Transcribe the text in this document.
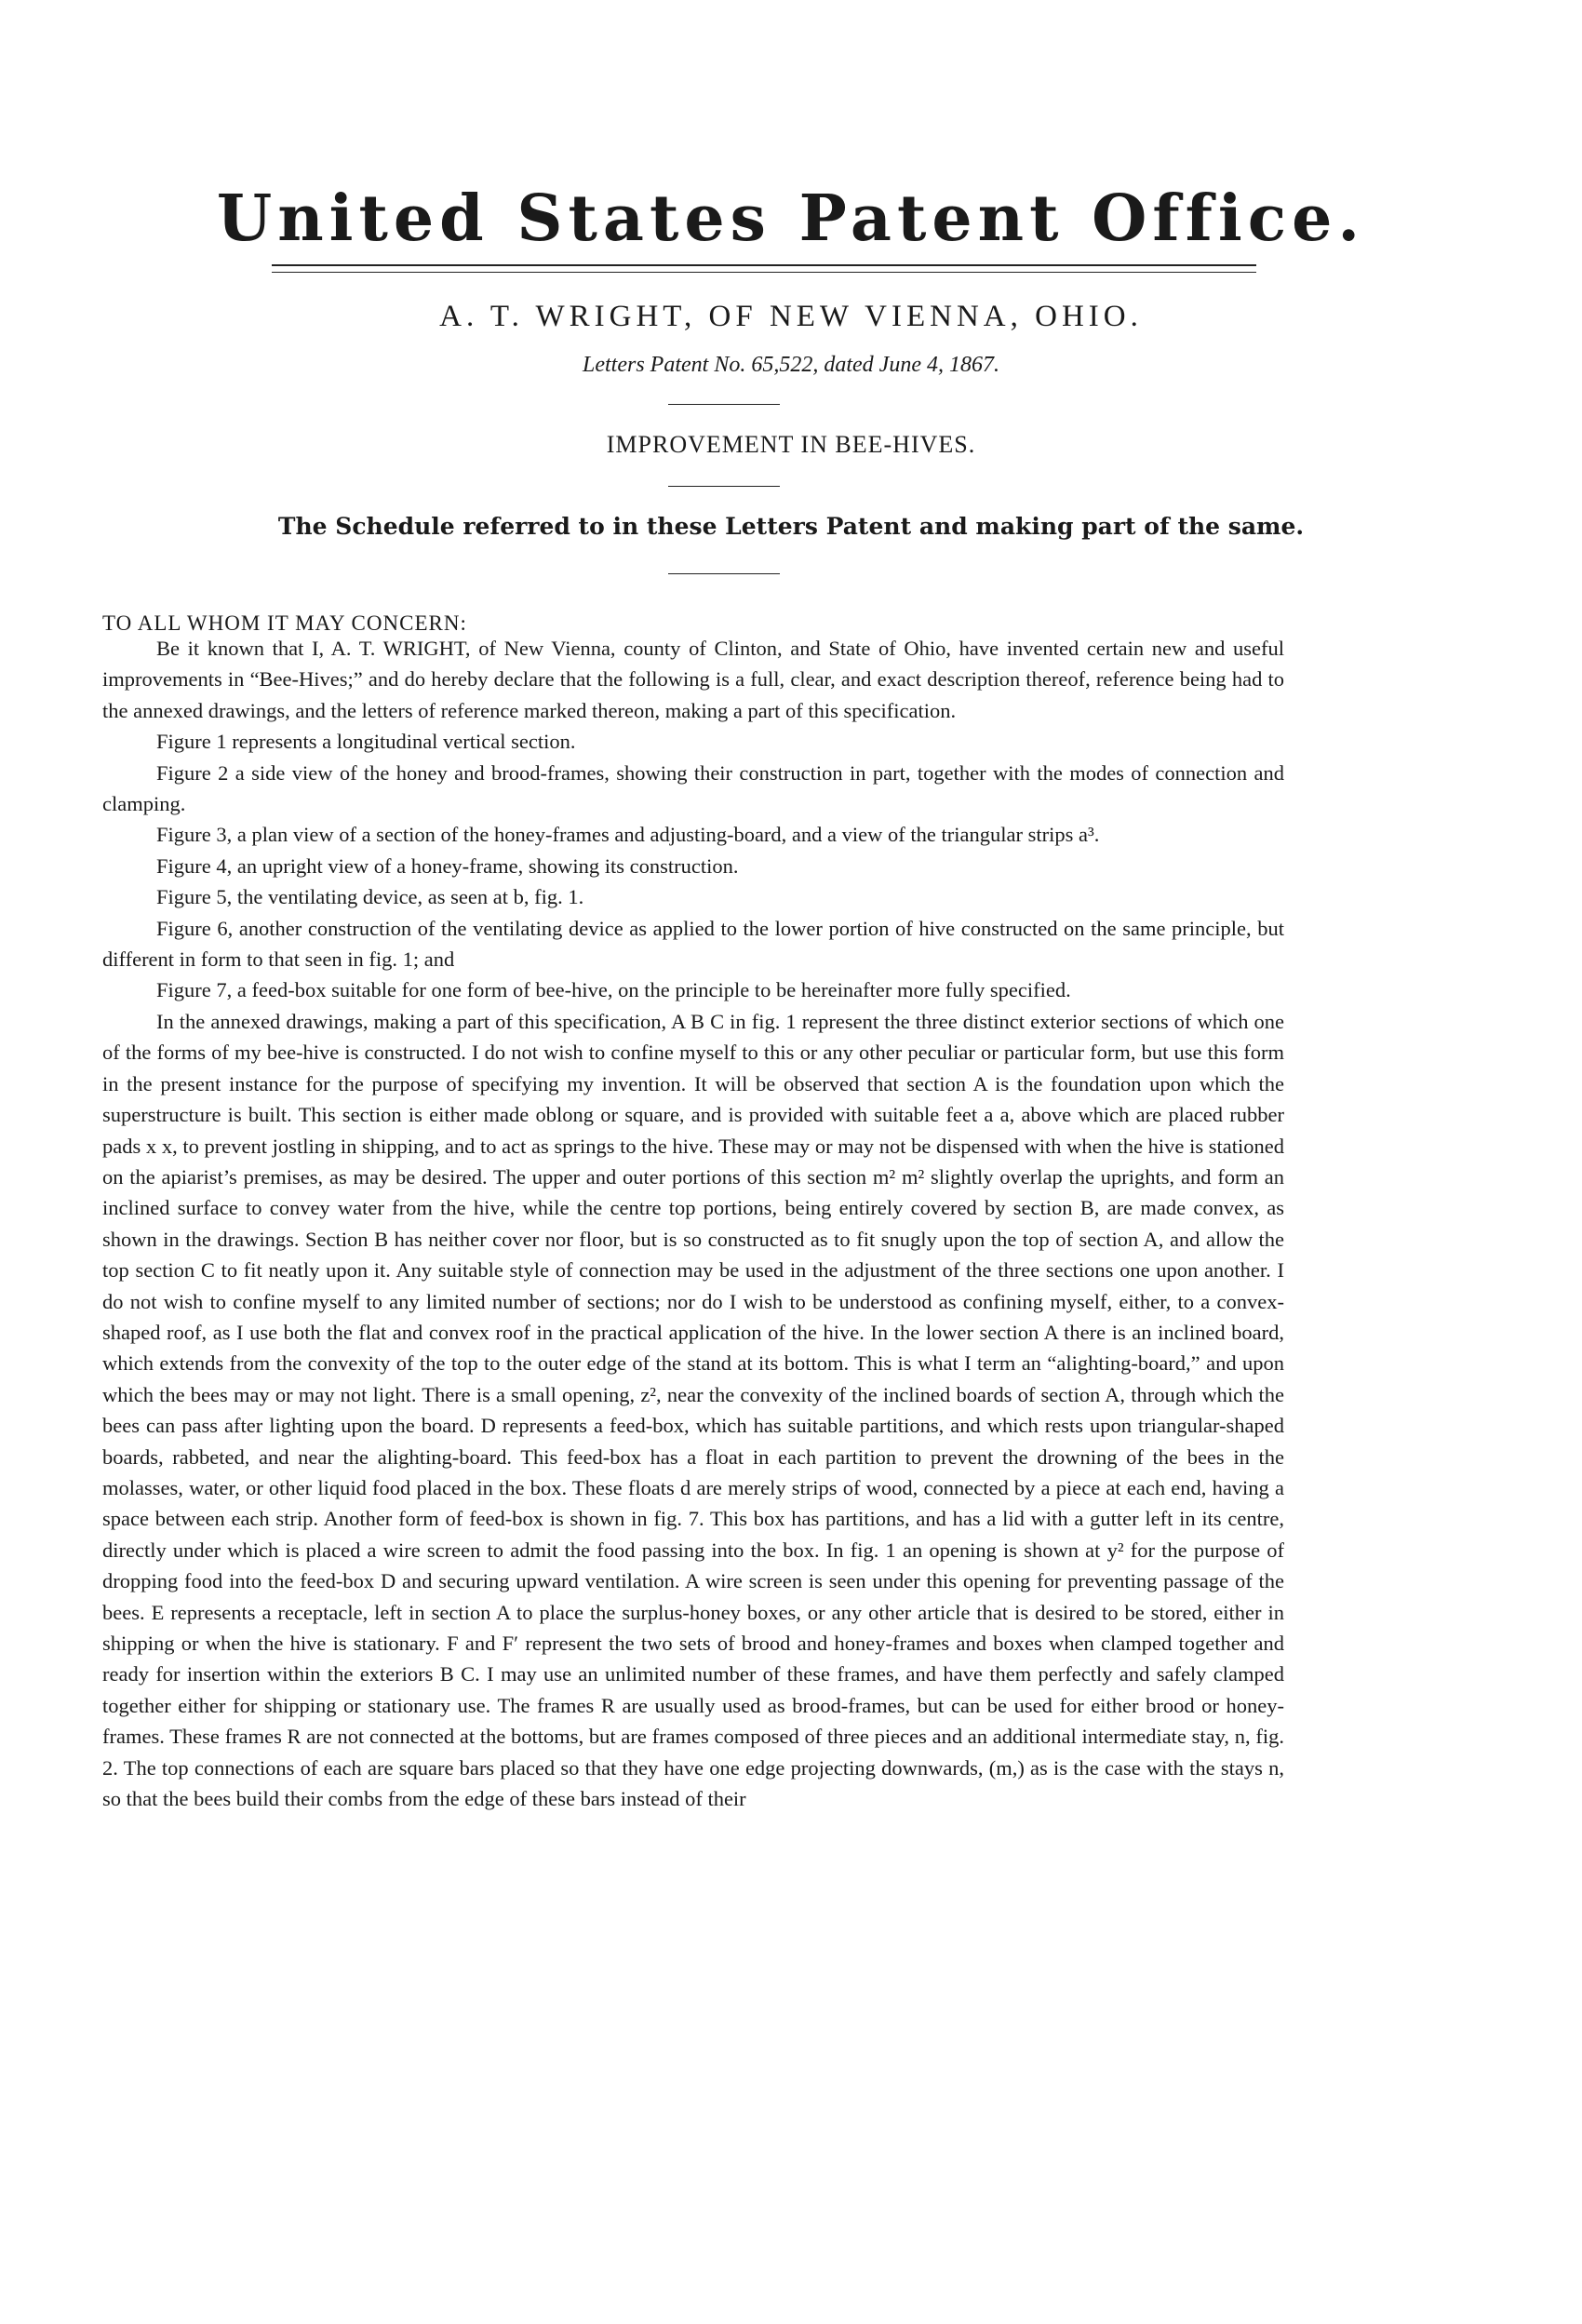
United States Patent Office.
A. T. WRIGHT, OF NEW VIENNA, OHIO.
Letters Patent No. 65,522, dated June 4, 1867.
IMPROVEMENT IN BEE-HIVES.
The Schedule referred to in these Letters Patent and making part of the same.
TO ALL WHOM IT MAY CONCERN:

Be it known that I, A. T. WRIGHT, of New Vienna, county of Clinton, and State of Ohio, have invented certain new and useful improvements in “Bee-Hives;” and do hereby declare that the following is a full, clear, and exact description thereof, reference being had to the annexed drawings, and the letters of reference marked thereon, making a part of this specification.

Figure 1 represents a longitudinal vertical section.

Figure 2 a side view of the honey and brood-frames, showing their construction in part, together with the modes of connection and clamping.

Figure 3, a plan view of a section of the honey-frames and adjusting-board, and a view of the triangular strips a³.

Figure 4, an upright view of a honey-frame, showing its construction.

Figure 5, the ventilating device, as seen at b, fig. 1.

Figure 6, another construction of the ventilating device as applied to the lower portion of hive constructed on the same principle, but different in form to that seen in fig. 1; and

Figure 7, a feed-box suitable for one form of bee-hive, on the principle to be hereinafter more fully specified.

In the annexed drawings, making a part of this specification, A B C in fig. 1 represent the three distinct exterior sections of which one of the forms of my bee-hive is constructed. I do not wish to confine myself to this or any other peculiar or particular form, but use this form in the present instance for the purpose of specifying my invention. It will be observed that section A is the foundation upon which the superstructure is built. This section is either made oblong or square, and is provided with suitable feet a a, above which are placed rubber pads x x, to prevent jostling in shipping, and to act as springs to the hive. These may or may not be dispensed with when the hive is stationed on the apiarist’s premises, as may be desired. The upper and outer portions of this section m² m² slightly overlap the uprights, and form an inclined surface to convey water from the hive, while the centre top portions, being entirely covered by section B, are made convex, as shown in the drawings. Section B has neither cover nor floor, but is so constructed as to fit snugly upon the top of section A, and allow the top section C to fit neatly upon it. Any suitable style of connection may be used in the adjustment of the three sections one upon another. I do not wish to confine myself to any limited number of sections; nor do I wish to be understood as confining myself, either, to a convex-shaped roof, as I use both the flat and convex roof in the practical application of the hive. In the lower section A there is an inclined board, which extends from the convexity of the top to the outer edge of the stand at its bottom. This is what I term an “alighting-board,” and upon which the bees may or may not light. There is a small opening, z², near the convexity of the inclined boards of section A, through which the bees can pass after lighting upon the board. D represents a feed-box, which has suitable partitions, and which rests upon triangular-shaped boards, rabbeted, and near the alighting-board. This feed-box has a float in each partition to prevent the drowning of the bees in the molasses, water, or other liquid food placed in the box. These floats d are merely strips of wood, connected by a piece at each end, having a space between each strip. Another form of feed-box is shown in fig. 7. This box has partitions, and has a lid with a gutter left in its centre, directly under which is placed a wire screen to admit the food passing into the box. In fig. 1 an opening is shown at y² for the purpose of dropping food into the feed-box D and securing upward ventilation. A wire screen is seen under this opening for preventing passage of the bees. E represents a receptacle, left in section A to place the surplus-honey boxes, or any other article that is desired to be stored, either in shipping or when the hive is stationary. F and F′ represent the two sets of brood and honey-frames and boxes when clamped together and ready for insertion within the exteriors B C. I may use an unlimited number of these frames, and have them perfectly and safely clamped together either for shipping or stationary use. The frames R are usually used as brood-frames, but can be used for either brood or honey-frames. These frames R are not connected at the bottoms, but are frames composed of three pieces and an additional intermediate stay, n, fig. 2. The top connections of each are square bars placed so that they have one edge projecting downwards, (m,) as is the case with the stays n, so that the bees build their combs from the edge of these bars instead of their
